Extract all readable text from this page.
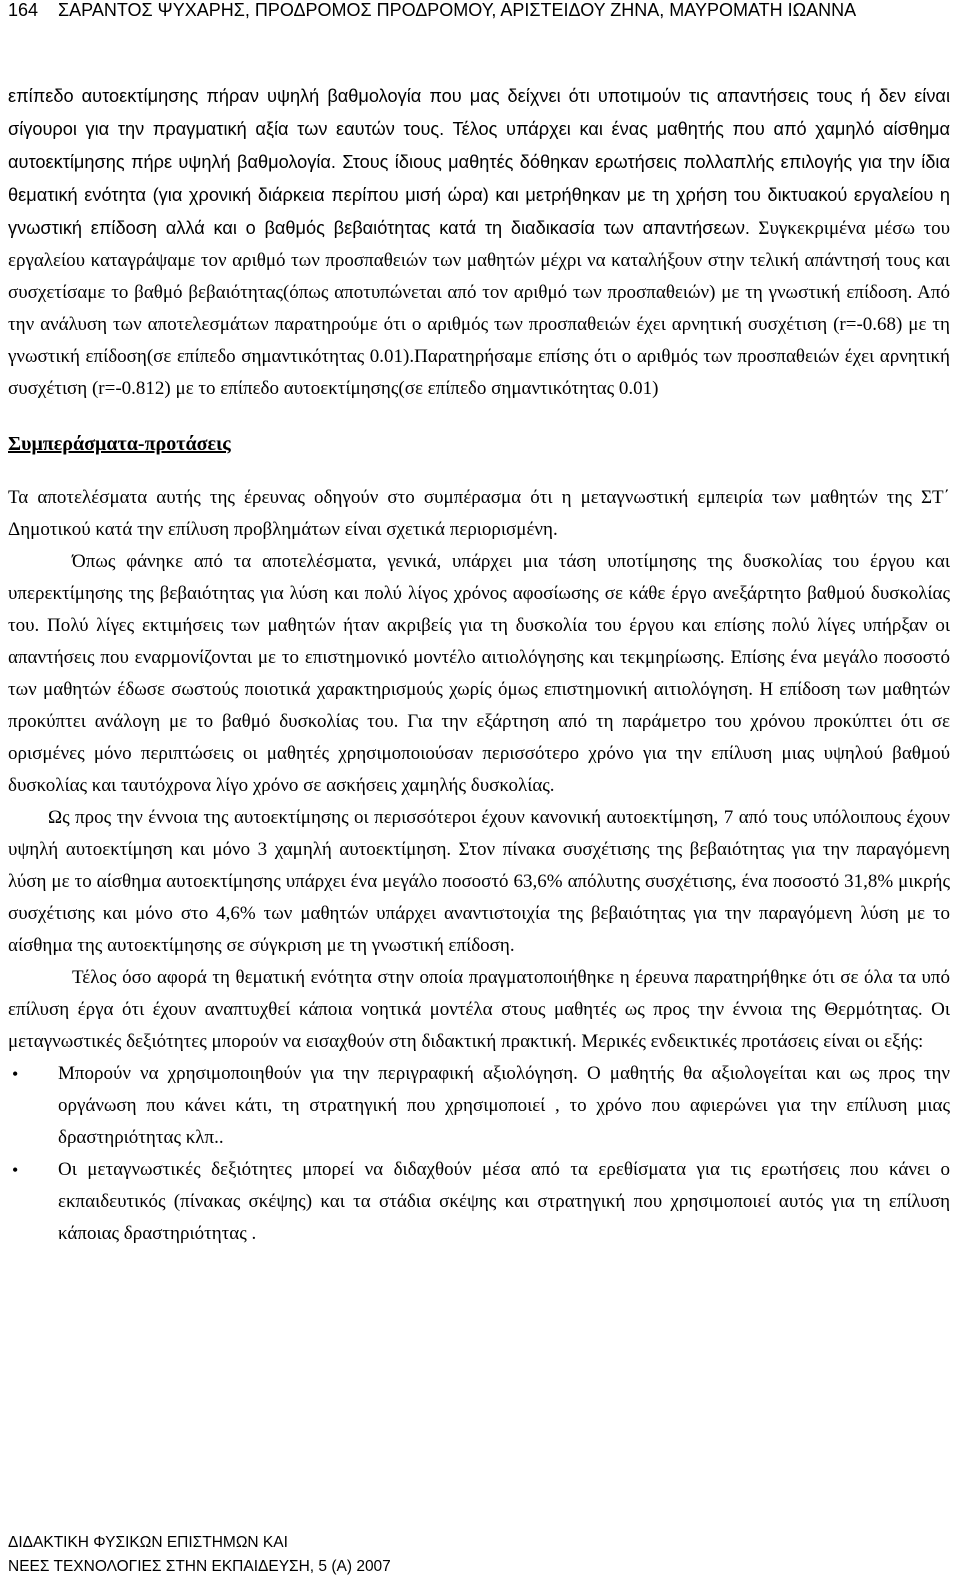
164 ΣΑΡΑΝΤΟΣ ΨΥΧΑΡΗΣ, ΠΡΟΔΡΟΜΟΣ ΠΡΟΔΡΟΜΟΥ, ΑΡΙΣΤΕΙΔΟΥ ΖΗΝΑ, ΜΑΥΡΟΜΑΤΗ ΙΩΑΝΝΑ

επίπεδο αυτοεκτίμησης πήραν υψηλή βαθμολογία που μας δείχνει ότι υποτιμούν τις απαντήσεις τους ή δεν είναι σίγουροι για την πραγματική αξία των εαυτών τους. Τέλος υπάρχει και ένας μαθητής που από χαμηλό αίσθημα αυτοεκτίμησης πήρε υψηλή βαθμολογία. Στους ίδιους μαθητές δόθηκαν ερωτήσεις πολλαπλής επιλογής για την ίδια θεματική ενότητα (για χρονική διάρκεια περίπου μισή ώρα) και μετρήθηκαν με τη χρήση του δικτυακού εργαλείου η γνωστική επίδοση αλλά και ο βαθμός βεβαιότητας κατά τη διαδικασία των απαντήσεων. Συγκεκριμένα μέσω του εργαλείου καταγράψαμε τον αριθμό των προσπαθειών των μαθητών μέχρι να καταλήξουν στην τελική απάντησή τους και συσχετίσαμε το βαθμό βεβαιότητας(όπως αποτυπώνεται από τον αριθμό των προσπαθειών) με τη γνωστική επίδοση. Από την ανάλυση των αποτελεσμάτων παρατηρούμε ότι ο αριθμός των προσπαθειών έχει αρνητική συσχέτιση (r=-0.68) με τη γνωστική επίδοση(σε επίπεδο σημαντικότητας 0.01).Παρατηρήσαμε επίσης ότι ο αριθμός των προσπαθειών έχει αρνητική συσχέτιση (r=-0.812) με το επίπεδο αυτοεκτίμησης(σε επίπεδο σημαντικότητας 0.01)

Συμπεράσματα-προτάσεις

Τα αποτελέσματα αυτής της έρευνας οδηγούν στο συμπέρασμα ότι η μεταγνωστική εμπειρία των μαθητών της ΣΤ΄ Δημοτικού κατά την επίλυση προβλημάτων είναι σχετικά περιορισμένη.

Όπως φάνηκε από τα αποτελέσματα, γενικά, υπάρχει μια τάση υποτίμησης της δυσκολίας του έργου και υπερεκτίμησης της βεβαιότητας για λύση και πολύ λίγος χρόνος αφοσίωσης σε κάθε έργο ανεξάρτητο βαθμού δυσκολίας του. Πολύ λίγες εκτιμήσεις των μαθητών ήταν ακριβείς για τη δυσκολία του έργου και επίσης πολύ λίγες υπήρξαν οι απαντήσεις που εναρμονίζονται με το επιστημονικό μοντέλο αιτιολόγησης και τεκμηρίωσης. Επίσης ένα μεγάλο ποσοστό των μαθητών έδωσε σωστούς ποιοτικά χαρακτηρισμούς χωρίς όμως επιστημονική αιτιολόγηση. Η επίδοση των μαθητών προκύπτει ανάλογη με το βαθμό δυσκολίας του. Για την εξάρτηση από τη παράμετρο του χρόνου προκύπτει ότι σε ορισμένες μόνο περιπτώσεις οι μαθητές χρησιμοποιούσαν περισσότερο χρόνο για την επίλυση μιας υψηλού βαθμού δυσκολίας και ταυτόχρονα λίγο χρόνο σε ασκήσεις χαμηλής δυσκολίας.

Ως προς την έννοια της αυτοεκτίμησης οι περισσότεροι έχουν κανονική αυτοεκτίμηση, 7 από τους υπόλοιπους έχουν υψηλή αυτοεκτίμηση και μόνο 3 χαμηλή αυτοεκτίμηση. Στον πίνακα συσχέτισης της βεβαιότητας για την παραγόμενη λύση με το αίσθημα αυτοεκτίμησης υπάρχει ένα μεγάλο ποσοστό 63,6% απόλυτης συσχέτισης, ένα ποσοστό 31,8% μικρής συσχέτισης και μόνο στο 4,6% των μαθητών υπάρχει αναντιστοιχία της βεβαιότητας για την παραγόμενη λύση με το αίσθημα της αυτοεκτίμησης σε σύγκριση με τη γνωστική επίδοση.

Τέλος όσο αφορά τη θεματική ενότητα στην οποία πραγματοποιήθηκε η έρευνα παρατηρήθηκε ότι σε όλα τα υπό επίλυση έργα ότι έχουν αναπτυχθεί κάποια νοητικά μοντέλα στους μαθητές ως προς την έννοια της Θερμότητας. Οι μεταγνωστικές δεξιότητες μπορούν να εισαχθούν στη διδακτική πρακτική. Μερικές ενδεικτικές προτάσεις είναι οι εξής:

• Μπορούν να χρησιμοποιηθούν για την περιγραφική αξιολόγηση. Ο μαθητής θα αξιολογείται και ως προς την οργάνωση που κάνει κάτι, τη στρατηγική που χρησιμοποιεί , το χρόνο που αφιερώνει για την επίλυση μιας δραστηριότητας κλπ..
• Οι μεταγνωστικές δεξιότητες μπορεί να διδαχθούν μέσα από τα ερεθίσματα για τις ερωτήσεις που κάνει ο εκπαιδευτικός (πίνακας σκέψης) και τα στάδια σκέψης και στρατηγική που χρησιμοποιεί αυτός για τη επίλυση κάποιας δραστηριότητας .
ΔΙΔΑΚΤΙΚΗ ΦΥΣΙΚΩΝ ΕΠΙΣΤΗΜΩΝ ΚΑΙ
ΝΕΕΣ ΤΕΧΝΟΛΟΓΙΕΣ ΣΤΗΝ ΕΚΠΑΙΔΕΥΣΗ, 5 (Α) 2007
